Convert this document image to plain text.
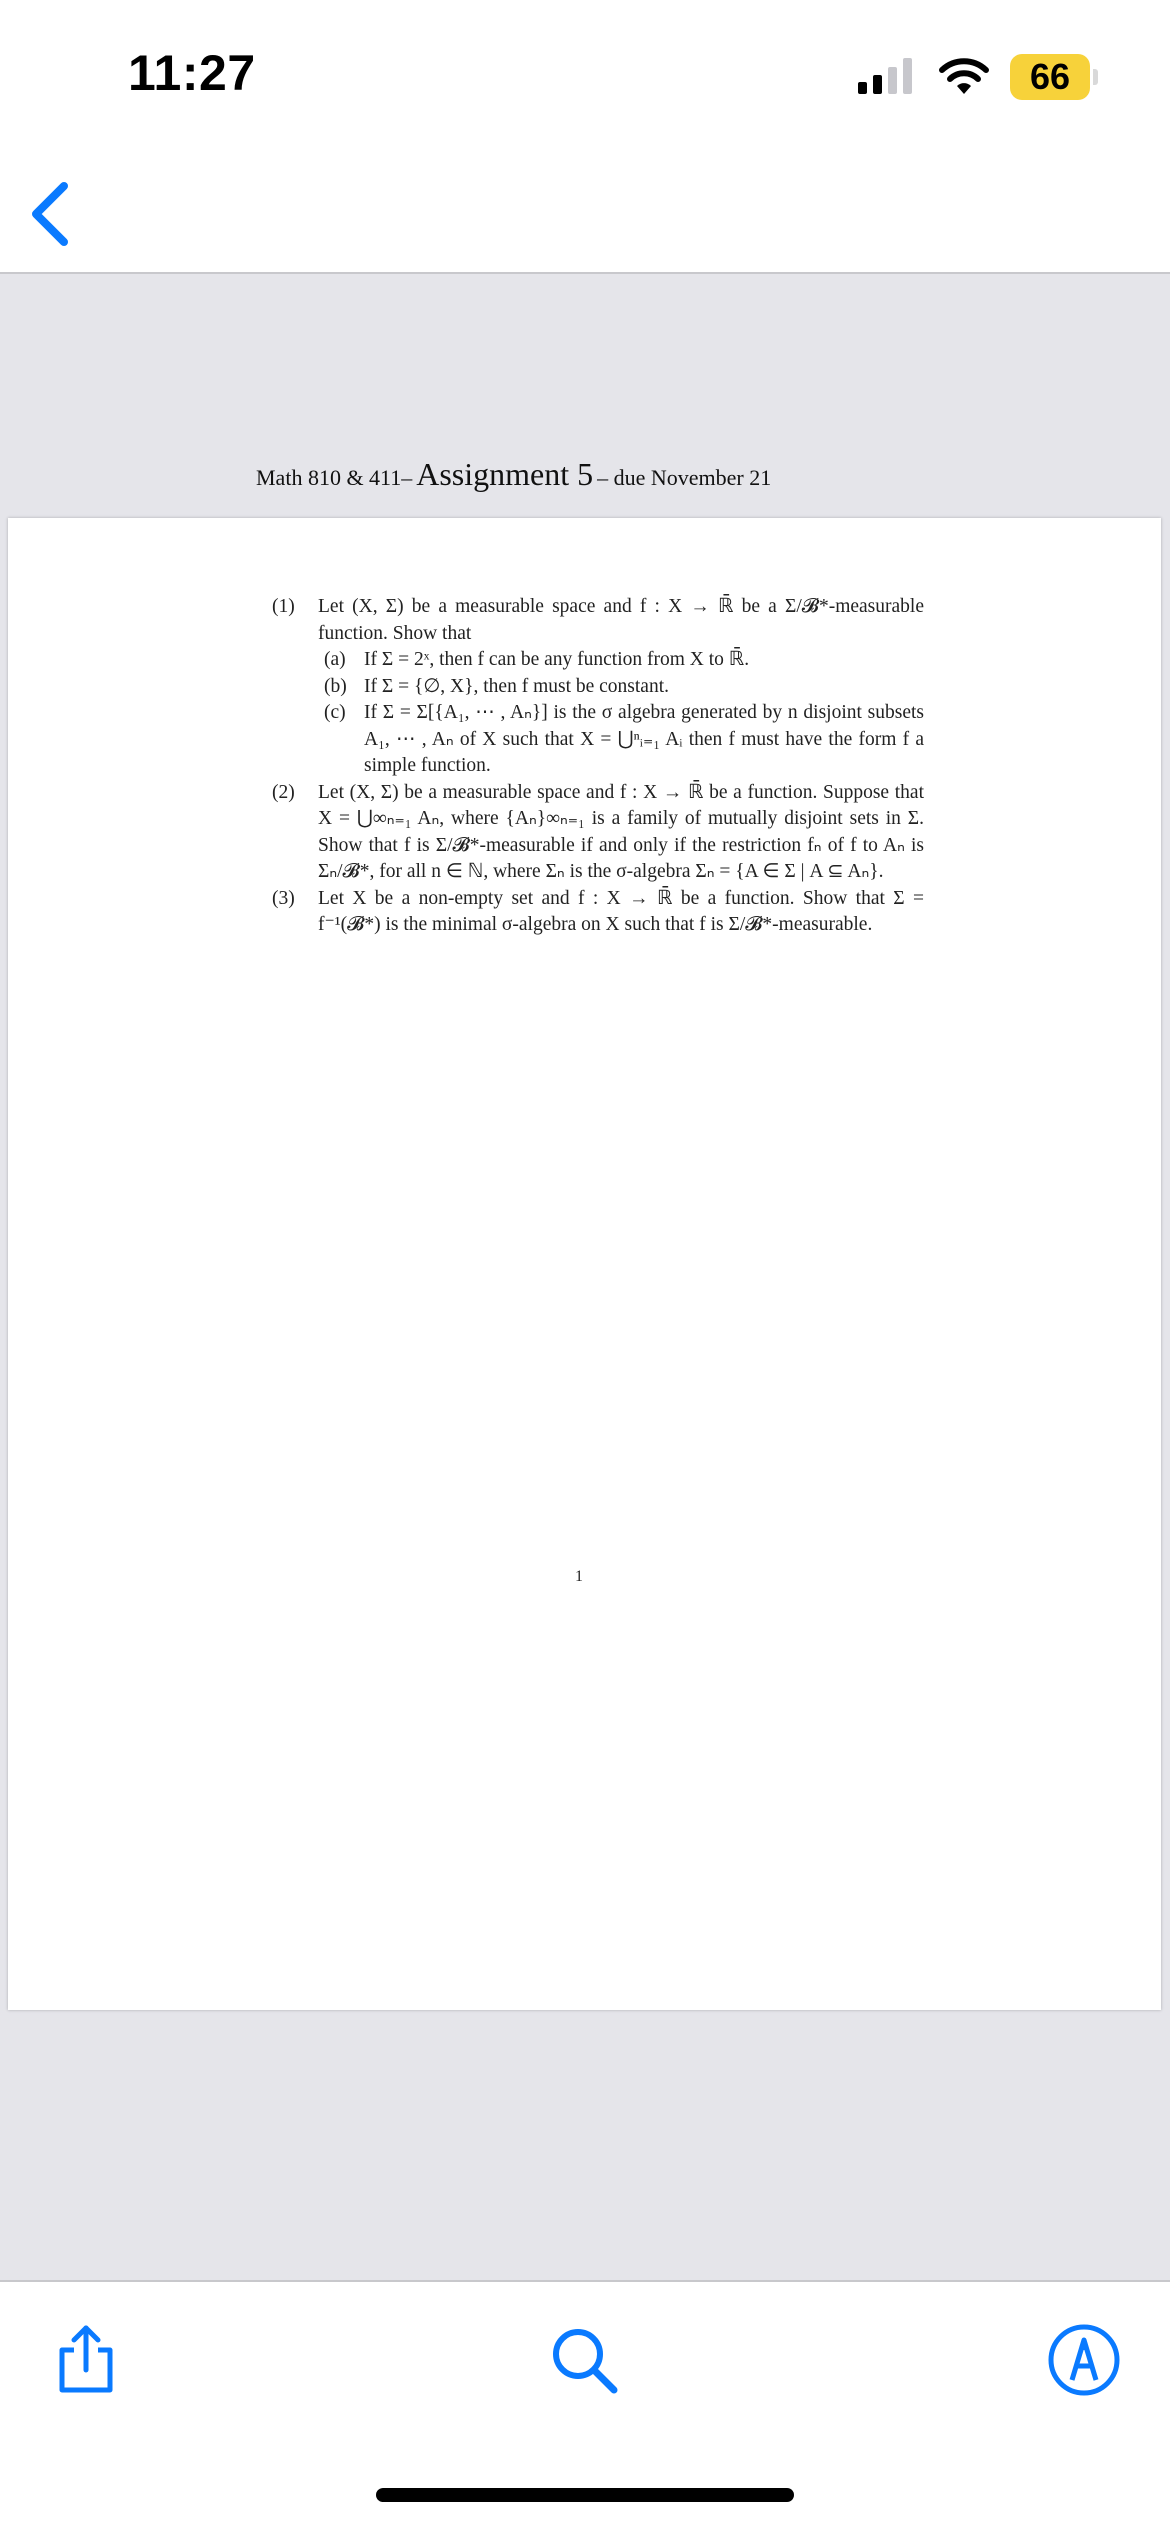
11:27	66
Math 810 & 411– Assignment 5 – due November 21
(1) Let (X, Σ) be a measurable space and f : X → ℝ̄ be a Σ/𝓑*-measurable function. Show that
(a) If Σ = 2ˣ, then f can be any function from X to ℝ̄.
(b) If Σ = {∅, X}, then f must be constant.
(c) If Σ = Σ[{A₁, ⋯ , Aₙ}] is the σ algebra generated by n disjoint subsets A₁, ⋯ , Aₙ of X such that X = ⋃ⁿᵢ₌₁ Aᵢ then f must have the form f a simple function.
(2) Let (X, Σ) be a measurable space and f : X → ℝ̄ be a function. Suppose that X = ⋃∞ₙ₌₁ Aₙ, where {Aₙ}∞ₙ₌₁ is a family of mutually disjoint sets in Σ. Show that f is Σ/𝓑*-measurable if and only if the restriction fₙ of f to Aₙ is Σₙ/𝓑*, for all n ∈ ℕ, where Σₙ is the σ-algebra Σₙ = {A ∈ Σ | A ⊆ Aₙ}.
(3) Let X be a non-empty set and f : X → ℝ̄ be a function. Show that Σ = f⁻¹(𝓑*) is the minimal σ-algebra on X such that f is Σ/𝓑*-measurable.
1
